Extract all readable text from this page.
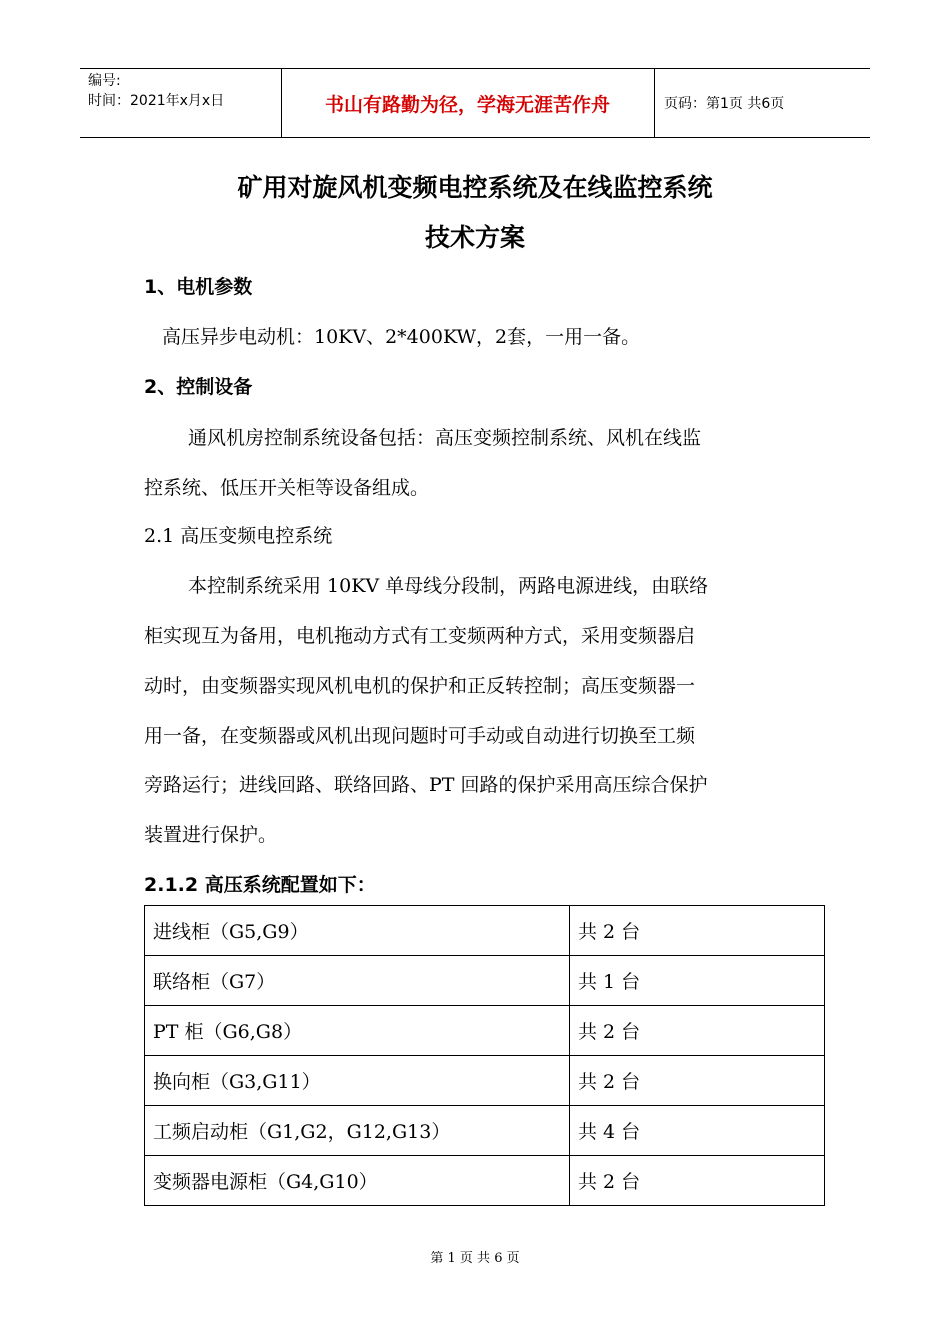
编号:
时间：2021年x月x日	书山有路勤为径，学海无涯苦作舟	页码：第1页 共6页
矿用对旋风机变频电控系统及在线监控系统
技术方案
1、电机参数
高压异步电动机：10KV、2*400KW，2套，一用一备。
2、控制设备
通风机房控制系统设备包括：高压变频控制系统、风机在线监
控系统、低压开关柜等设备组成。
2.1 高压变频电控系统
本控制系统采用 10KV 单母线分段制，两路电源进线，由联络
柜实现互为备用，电机拖动方式有工变频两种方式，采用变频器启
动时，由变频器实现风机电机的保护和正反转控制；高压变频器一
用一备，在变频器或风机出现问题时可手动或自动进行切换至工频
旁路运行；进线回路、联络回路、PT 回路的保护采用高压综合保护
装置进行保护。
2.1.2 高压系统配置如下：
进线柜（G5,G9）	共 2 台
联络柜（G7）	共 1 台
PT 柜（G6,G8）	共 2 台
换向柜（G3,G11）	共 2 台
工频启动柜（G1,G2，G12,G13）	共 4 台
变频器电源柜（G4,G10）	共 2 台
第 1 页 共 6 页
